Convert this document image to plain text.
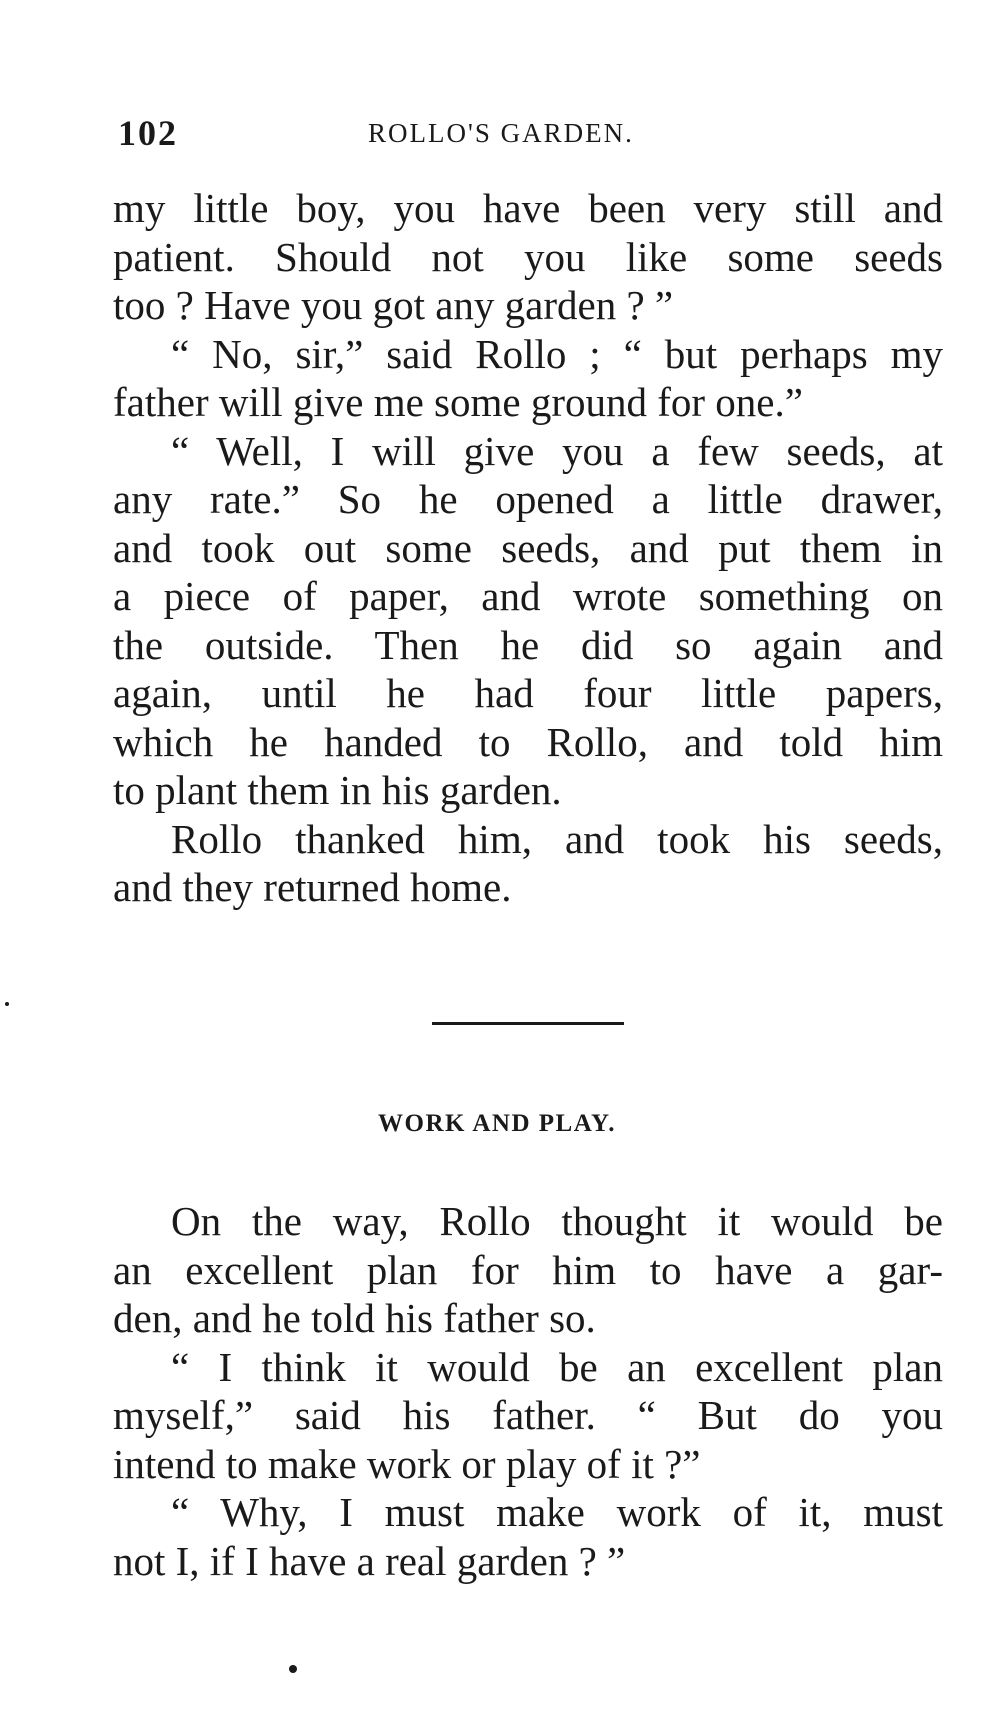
102	ROLLO'S GARDEN.
my little boy, you have been very still and
patient. Should not you like some seeds
too ? Have you got any garden ? ”
“ No, sir,” said Rollo ; “ but perhaps my
father will give me some ground for one.”
“ Well, I will give you a few seeds, at
any rate.” So he opened a little drawer,
and took out some seeds, and put them in
a piece of paper, and wrote something on
the outside. Then he did so again and
again, until he had four little papers,
which he handed to Rollo, and told him
to plant them in his garden.
Rollo thanked him, and took his seeds,
and they returned home.
WORK AND PLAY.
On the way, Rollo thought it would be
an excellent plan for him to have a gar-
den, and he told his father so.
“ I think it would be an excellent plan
myself,” said his father. “ But do you
intend to make work or play of it ?”
“ Why, I must make work of it, must
not I, if I have a real garden ? ”
